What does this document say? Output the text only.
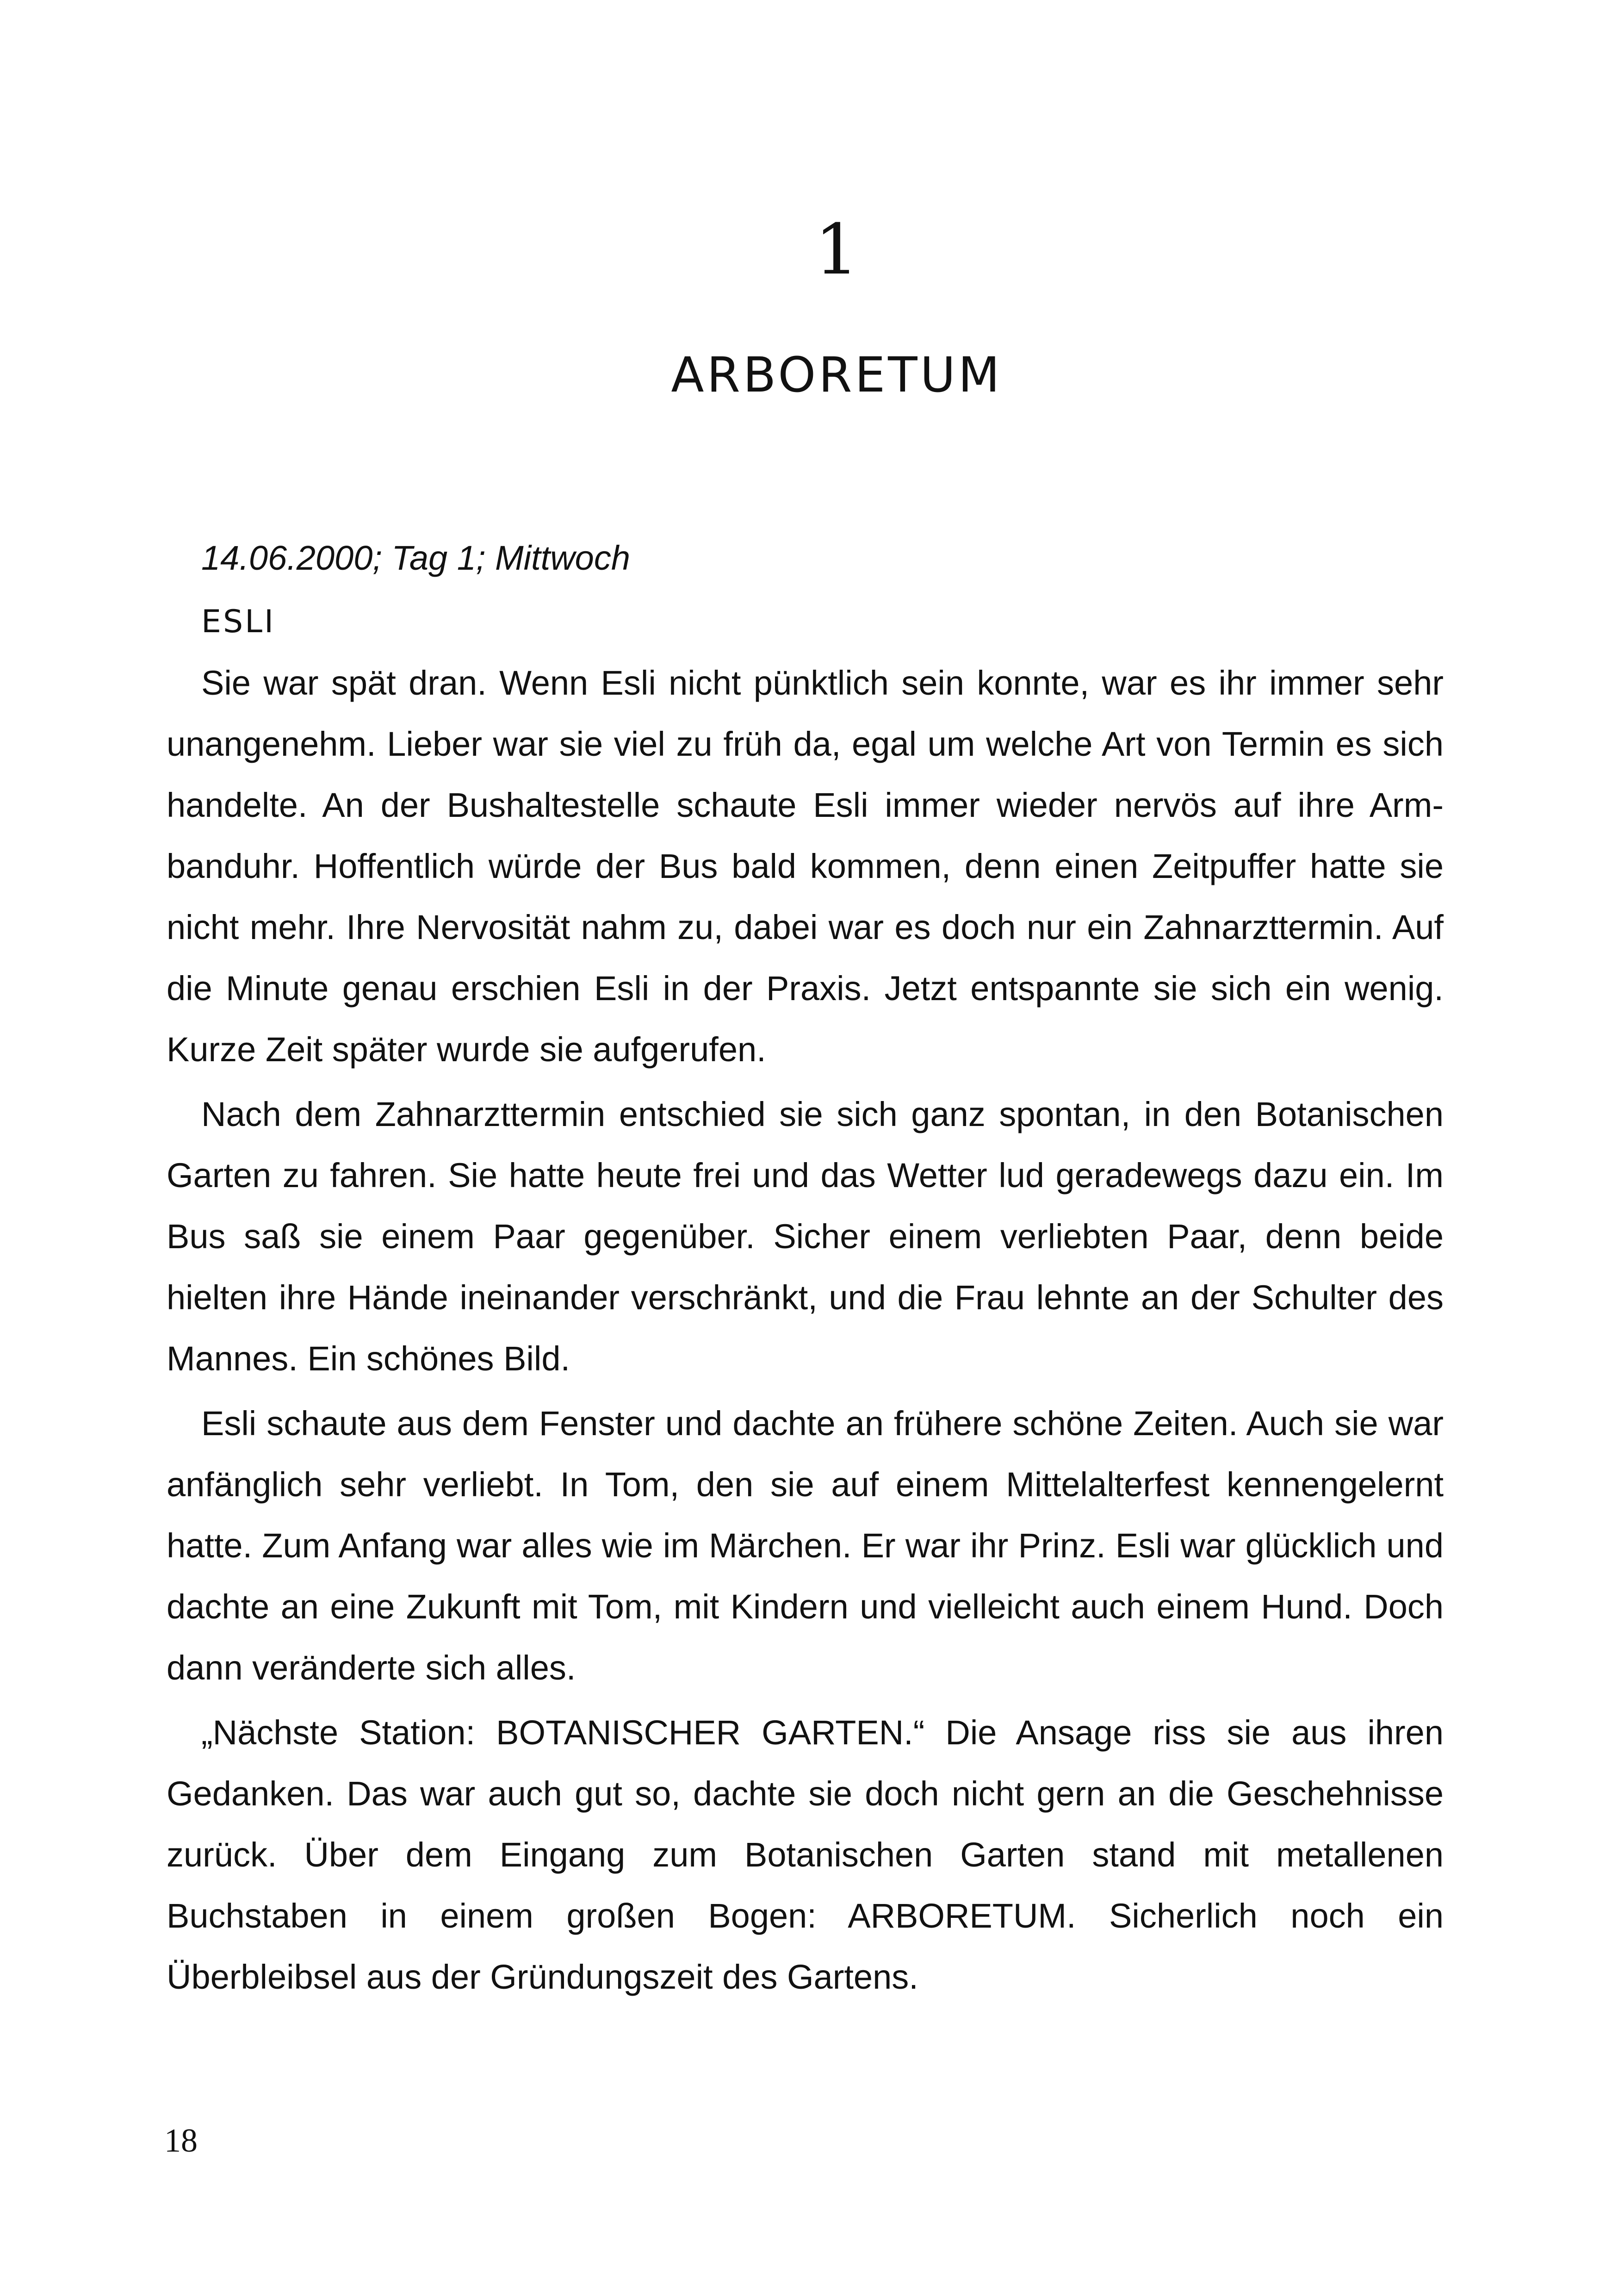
1
ARBORETUM

14.06.2000; Tag 1; Mittwoch

ESLI

Sie war spät dran. Wenn Esli nicht pünktlich sein konnte, war es ihr immer sehr unangenehm. Lieber war sie viel zu früh da, egal um welche Art von Termin es sich handelte. An der Bushaltestelle schaute Esli immer wieder nervös auf ihre Armbanduhr. Hoffentlich würde der Bus bald kommen, denn einen Zeitpuffer hatte sie nicht mehr. Ihre Nervosität nahm zu, dabei war es doch nur ein Zahnarzttermin. Auf die Minute genau erschien Esli in der Praxis. Jetzt entspannte sie sich ein wenig. Kurze Zeit später wurde sie aufgerufen.

Nach dem Zahnarzttermin entschied sie sich ganz spontan, in den Botanischen Garten zu fahren. Sie hatte heute frei und das Wetter lud geradewegs dazu ein. Im Bus saß sie einem Paar gegenüber. Sicher einem verliebten Paar, denn beide hielten ihre Hände ineinander verschränkt, und die Frau lehnte an der Schulter des Mannes. Ein schönes Bild.

Esli schaute aus dem Fenster und dachte an frühere schöne Zeiten. Auch sie war anfänglich sehr verliebt. In Tom, den sie auf einem Mittelalterfest kennengelernt hatte. Zum Anfang war alles wie im Märchen. Er war ihr Prinz. Esli war glücklich und dachte an eine Zukunft mit Tom, mit Kindern und vielleicht auch einem Hund. Doch dann veränderte sich alles.

„Nächste Station: BOTANISCHER GARTEN.“ Die Ansage riss sie aus ihren Gedanken. Das war auch gut so, dachte sie doch nicht gern an die Geschehnisse zurück. Über dem Eingang zum Botanischen Garten stand mit metallenen Buchstaben in einem großen Bogen: ARBORETUM. Sicherlich noch ein Überbleibsel aus der Gründungszeit des Gartens.

18
